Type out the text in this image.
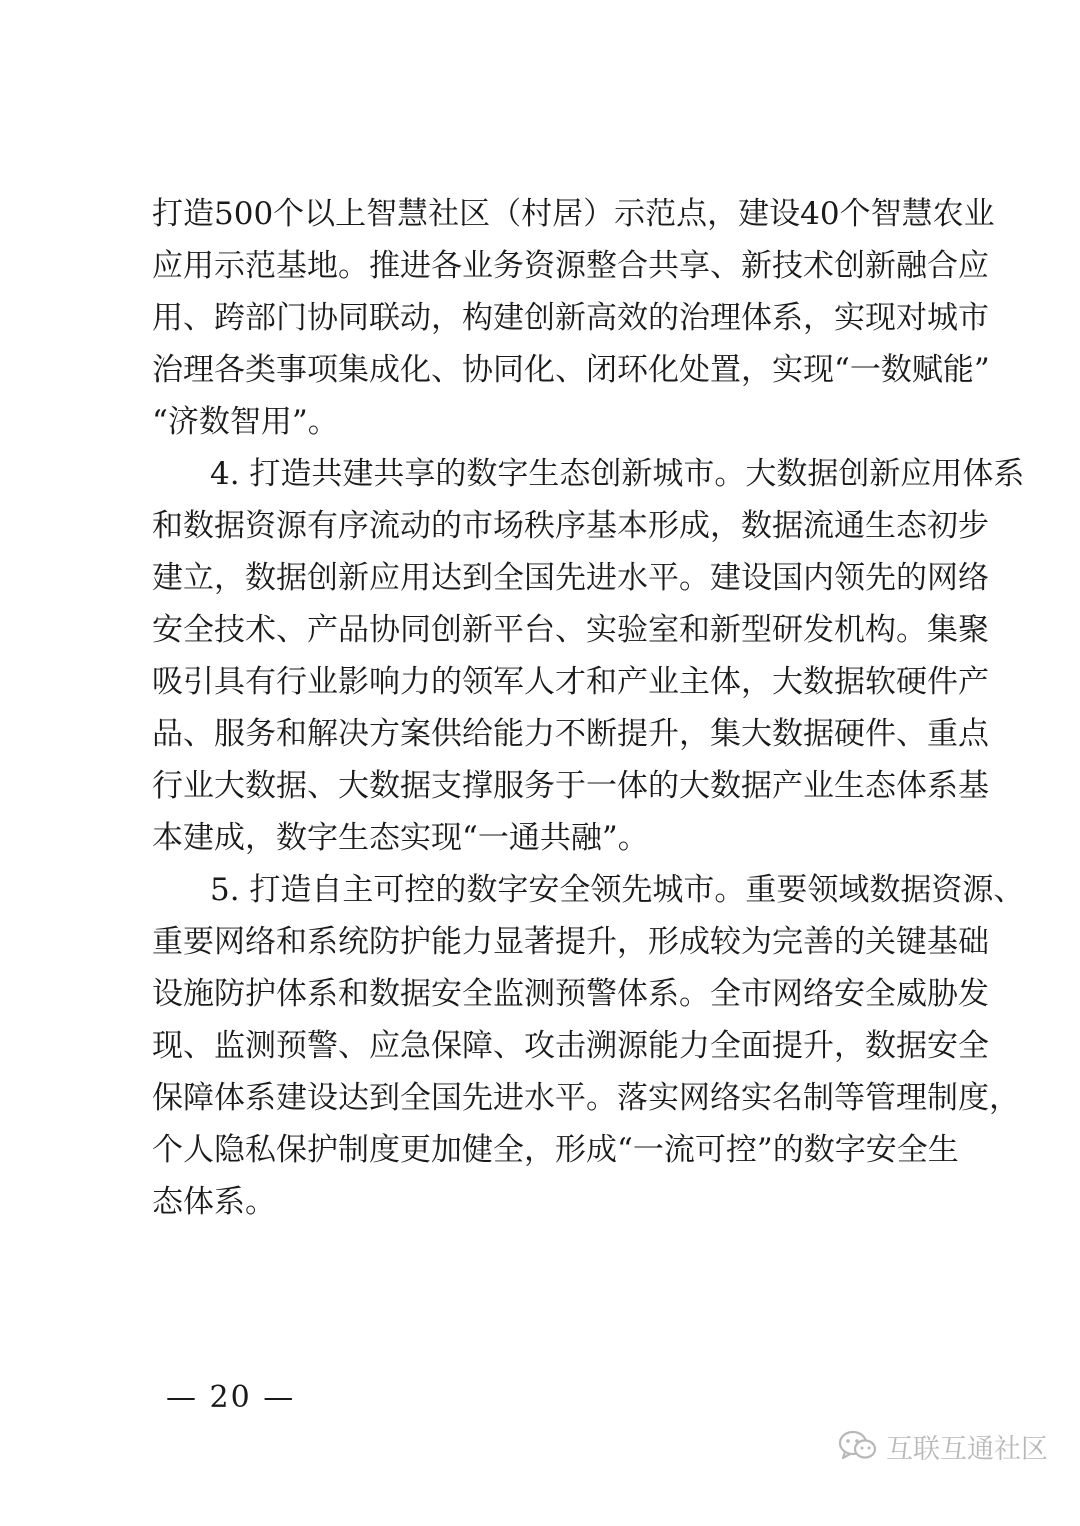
打造500个以上智慧社区（村居）示范点，建设40个智慧农业
应用示范基地。推进各业务资源整合共享、新技术创新融合应
用、跨部门协同联动，构建创新高效的治理体系，实现对城市
治理各类事项集成化、协同化、闭环化处置，实现“一数赋能”
“济数智用”。
4. 打造共建共享的数字生态创新城市。大数据创新应用体系
和数据资源有序流动的市场秩序基本形成，数据流通生态初步
建立，数据创新应用达到全国先进水平。建设国内领先的网络
安全技术、产品协同创新平台、实验室和新型研发机构。集聚
吸引具有行业影响力的领军人才和产业主体，大数据软硬件产
品、服务和解决方案供给能力不断提升，集大数据硬件、重点
行业大数据、大数据支撑服务于一体的大数据产业生态体系基
本建成，数字生态实现“一通共融”。
5. 打造自主可控的数字安全领先城市。重要领域数据资源、
重要网络和系统防护能力显著提升，形成较为完善的关键基础
设施防护体系和数据安全监测预警体系。全市网络安全威胁发
现、监测预警、应急保障、攻击溯源能力全面提升，数据安全
保障体系建设达到全国先进水平。落实网络实名制等管理制度，
个人隐私保护制度更加健全，形成“一流可控”的数字安全生
态体系。
— 20 —
互联互通社区
